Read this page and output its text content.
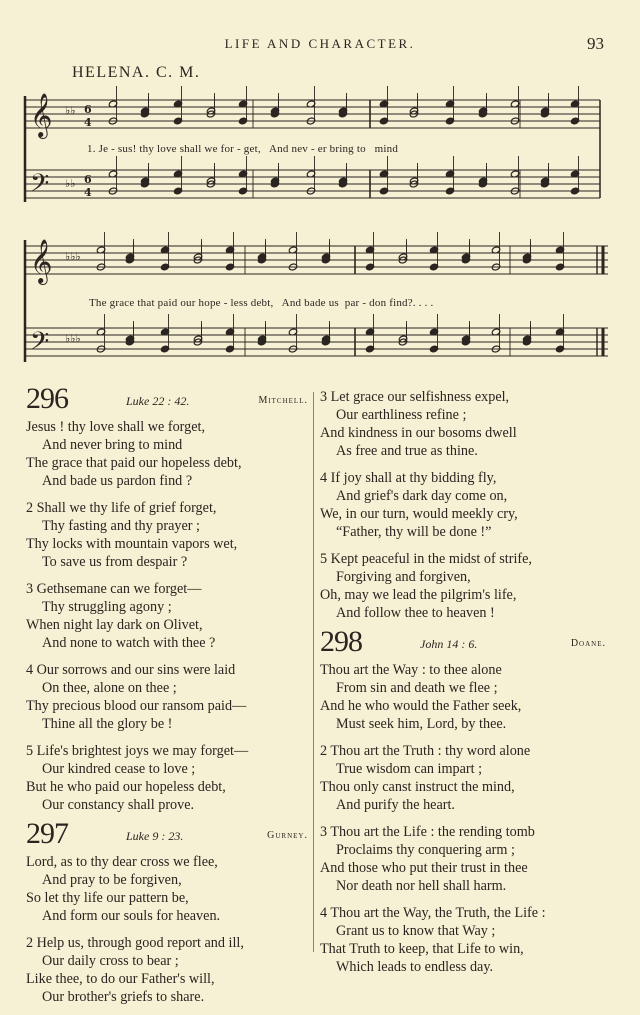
LIFE AND CHARACTER.	93
HELENA. C. M.
𝄞
𝄢
𝄞
𝄢
♭♭
♭♭
♭♭♭
♭♭♭
6
4
6
4
1. Je - sus! thy love shall we for - get,   And nev - er bring to   mind
The grace that paid our hope - less debt,   And bade us  par - don find?. . . .
296	Luke 22 : 42.	Mitchell.
Jesus ! thy love shall we forget,
And never bring to mind
The grace that paid our hopeless debt,
And bade us pardon find ?
2 Shall we thy life of grief forget,
Thy fasting and thy prayer ;
Thy locks with mountain vapors wet,
To save us from despair ?
3 Gethsemane can we forget—
Thy struggling agony ;
When night lay dark on Olivet,
And none to watch with thee ?
4 Our sorrows and our sins were laid
On thee, alone on thee ;
Thy precious blood our ransom paid—
Thine all the glory be !
5 Life's brightest joys we may forget—
Our kindred cease to love ;
But he who paid our hopeless debt,
Our constancy shall prove.
297	Luke 9 : 23.	Gurney.
Lord, as to thy dear cross we flee,
And pray to be forgiven,
So let thy life our pattern be,
And form our souls for heaven.
2 Help us, through good report and ill,
Our daily cross to bear ;
Like thee, to do our Father's will,
Our brother's griefs to share.
3 Let grace our selfishness expel,
Our earthliness refine ;
And kindness in our bosoms dwell
As free and true as thine.
4 If joy shall at thy bidding fly,
And grief's dark day come on,
We, in our turn, would meekly cry,
“Father, thy will be done !”
5 Kept peaceful in the midst of strife,
Forgiving and forgiven,
Oh, may we lead the pilgrim's life,
And follow thee to heaven !
298	John 14 : 6.	Doane.
Thou art the Way : to thee alone
From sin and death we flee ;
And he who would the Father seek,
Must seek him, Lord, by thee.
2 Thou art the Truth : thy word alone
True wisdom can impart ;
Thou only canst instruct the mind,
And purify the heart.
3 Thou art the Life : the rending tomb
Proclaims thy conquering arm ;
And those who put their trust in thee
Nor death nor hell shall harm.
4 Thou art the Way, the Truth, the Life :
Grant us to know that Way ;
That Truth to keep, that Life to win,
Which leads to endless day.
